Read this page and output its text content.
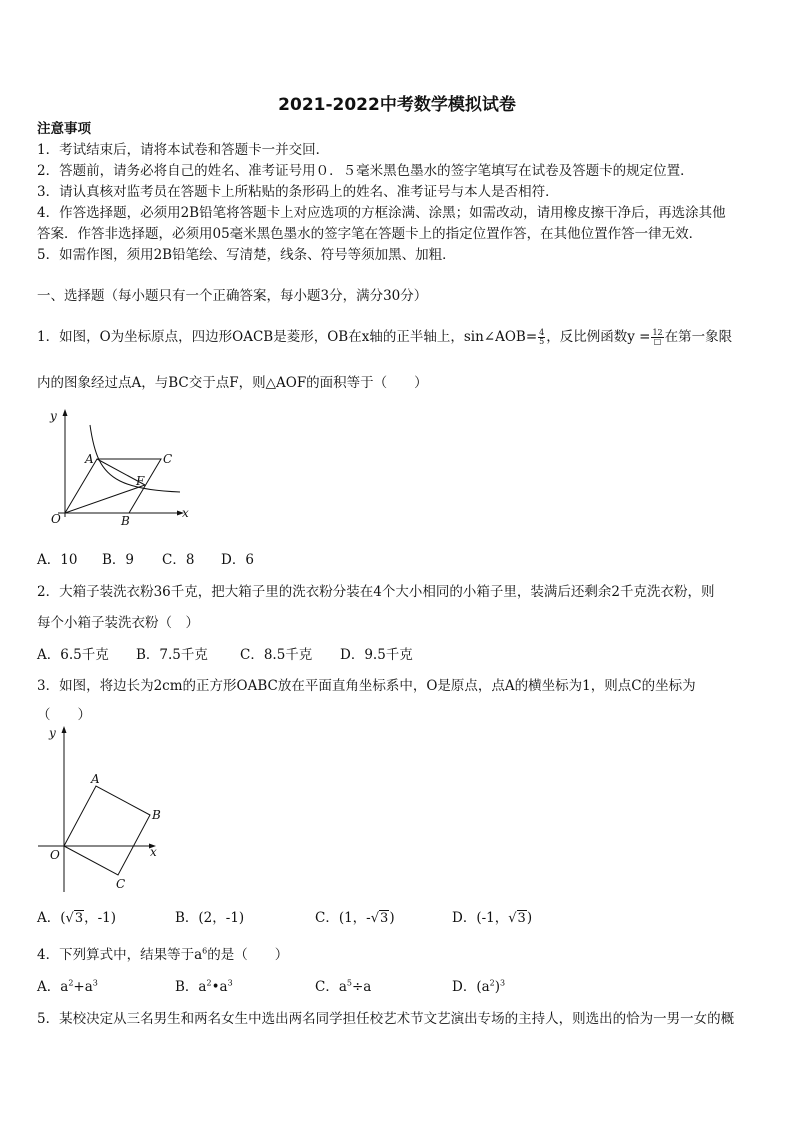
2021-2022中考数学模拟试卷
注意事项
1．考试结束后，请将本试卷和答题卡一并交回．
2．答题前，请务必将自己的姓名、准考证号用０．５毫米黑色墨水的签字笔填写在试卷及答题卡的规定位置．
3．请认真核对监考员在答题卡上所粘贴的条形码上的姓名、准考证号与本人是否相符．
4．作答选择题，必须用2B铅笔将答题卡上对应选项的方框涂满、涂黑；如需改动，请用橡皮擦干净后，再选涂其他
答案．作答非选择题，必须用05毫米黑色墨水的签字笔在答题卡上的指定位置作答，在其他位置作答一律无效．
5．如需作图，须用2B铅笔绘、写清楚，线条、符号等须加黑、加粗．
一、选择题（每小题只有一个正确答案，每小题3分，满分30分）
1．如图，O为坐标原点，四边形OACB是菱形，OB在x轴的正半轴上，sin∠AOB= $\frac{4}{5}$ ，反比例函数$y = \frac{12}{□}$ 在第一象限
内的图象经过点A，与BC交于点F，则△AOF的面积等于（　　）
y
x
O
A	C
F
B
A．10 B．9 C．8 D．6
2．大箱子装洗衣粉36千克，把大箱子里的洗衣粉分装在4个大小相同的小箱子里，装满后还剩余2千克洗衣粉，则
每个小箱子装洗衣粉（　）
A．6.5千克 B．7.5千克 C．8.5千克 D．9.5千克
3．如图，将边长为2cm的正方形OABC放在平面直角坐标系中，O是原点，点A的横坐标为1，则点C的坐标为
（　　）
y
x
O
A
B
C
A．(√3，-1)	B．(2，-1)	C．(1，-√3)	D．(-1，√3)
4．下列算式中，结果等于$a^6$的是（　　）
A．$a^2+a^3$	B．$a^2•a^3$	C．$a^5\div a$	D．$(a^2)^3$
5．某校决定从三名男生和两名女生中选出两名同学担任校艺术节文艺演出专场的主持人，则选出的恰为一男一女的概
